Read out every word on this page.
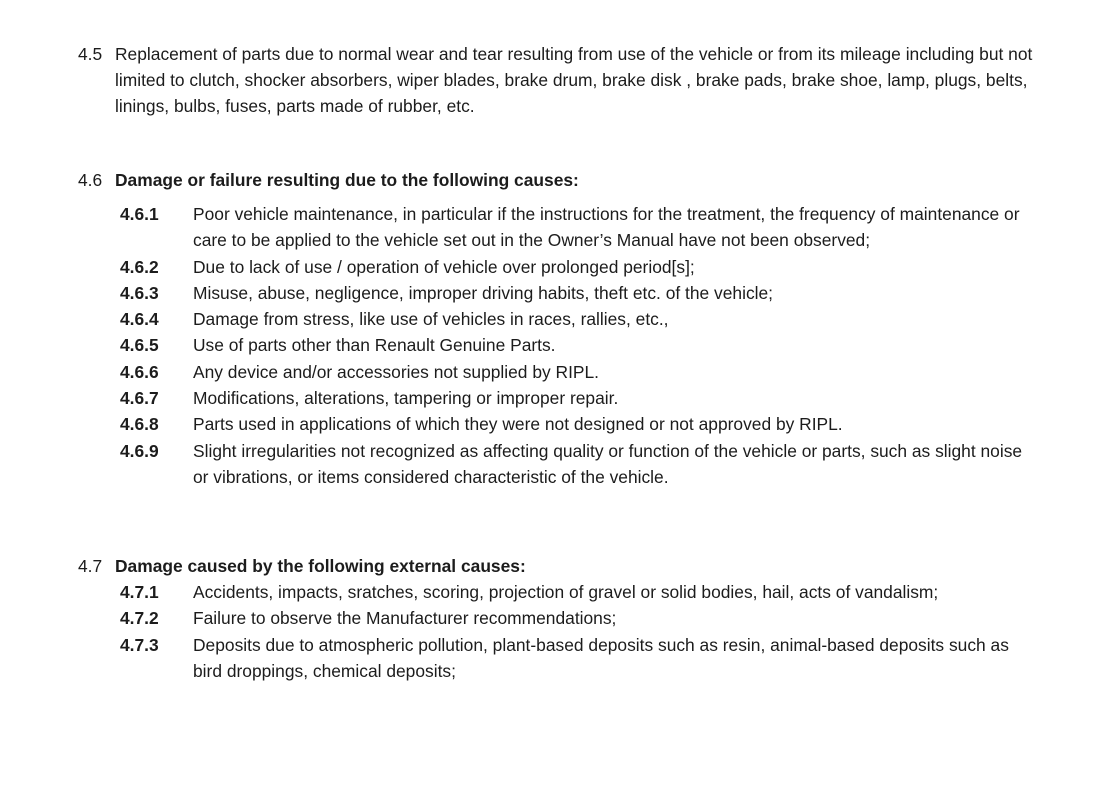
4.5 Replacement of parts due to normal wear and tear resulting from use of the vehicle or from its mileage including but not limited to clutch, shocker absorbers, wiper blades, brake drum, brake disk , brake pads, brake shoe, lamp, plugs, belts, linings, bulbs, fuses, parts made of rubber, etc.
4.6 Damage or failure resulting due to the following causes:
4.6.1	Poor vehicle maintenance, in particular if the instructions for the treatment, the frequency of maintenance or care to be applied to the vehicle set out in the Owner’s Manual have not been observed;
4.6.2	Due to lack of use / operation of vehicle over prolonged period[s];
4.6.3	Misuse, abuse, negligence, improper driving habits, theft etc. of the vehicle;
4.6.4	Damage from stress, like use of vehicles in races, rallies, etc.,
4.6.5	Use of parts other than Renault Genuine Parts.
4.6.6	Any device and/or accessories not supplied by RIPL.
4.6.7	Modifications, alterations, tampering or improper repair.
4.6.8	Parts used in applications of which they were not designed or not approved by RIPL.
4.6.9	Slight irregularities not recognized as affecting quality or function of the vehicle or parts, such as slight noise or vibrations, or items considered characteristic of the vehicle.
4.7 Damage caused by the following external causes:
4.7.1	Accidents, impacts, sratches, scoring, projection of gravel or solid bodies, hail, acts of vandalism;
4.7.2	Failure to observe the Manufacturer recommendations;
4.7.3	Deposits due to atmospheric pollution, plant-based deposits such as resin, animal-based deposits such as bird droppings, chemical deposits;
